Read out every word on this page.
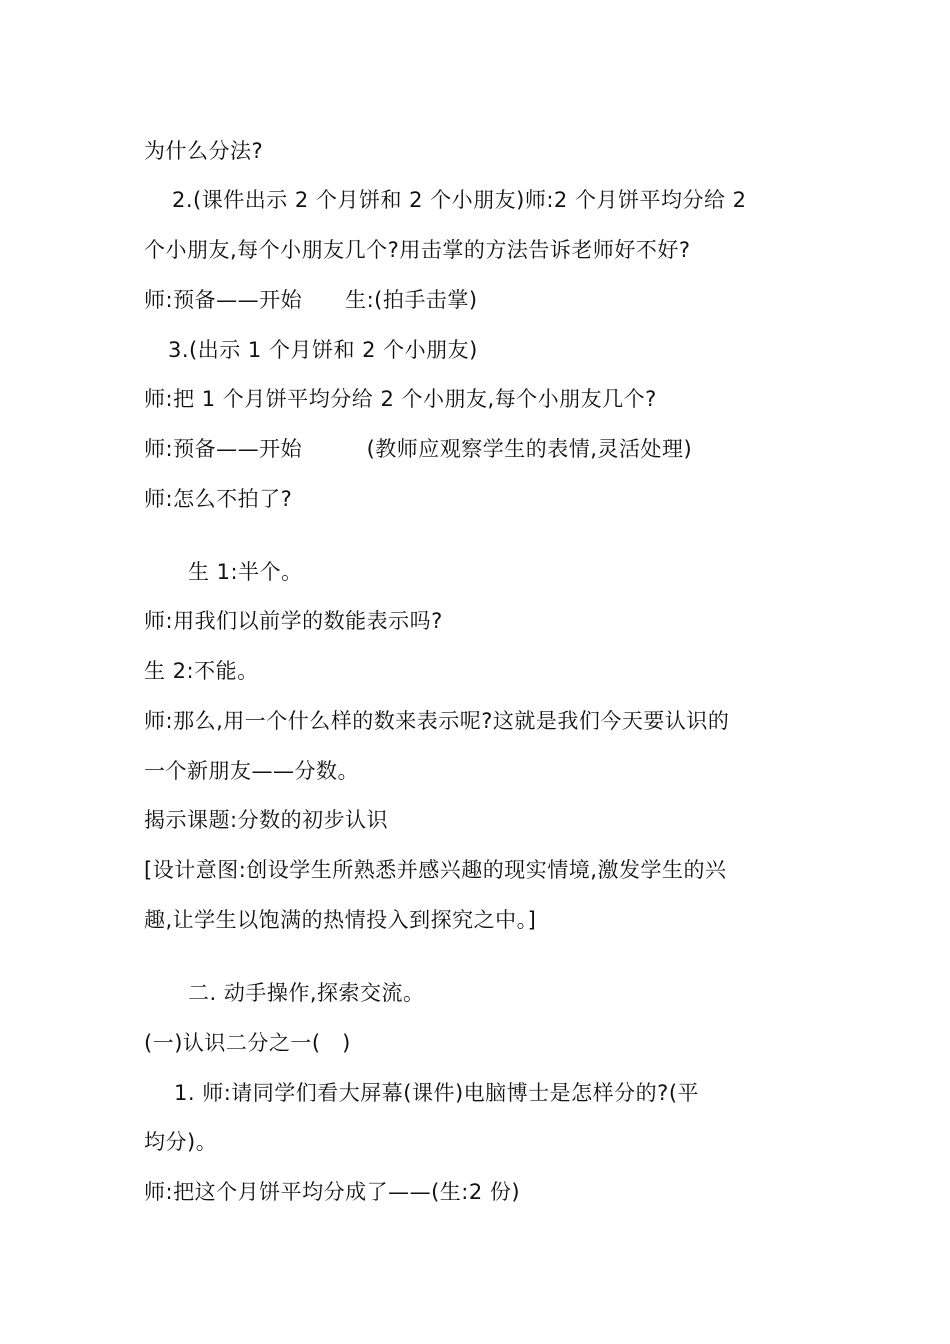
为什么分法?
2.(课件出示 2 个月饼和 2 个小朋友)师:2 个月饼平均分给 2
个小朋友,每个小朋友几个?用击掌的方法告诉老师好不好?
师:预备——开始　　生:(拍手击掌)
3.(出示 1 个月饼和 2 个小朋友)
师:把 1 个月饼平均分给 2 个小朋友,每个小朋友几个?
师:预备——开始　　　(教师应观察学生的表情,灵活处理)
师:怎么不拍了?
生 1:半个。
师:用我们以前学的数能表示吗?
生 2:不能。
师:那么,用一个什么样的数来表示呢?这就是我们今天要认识的
一个新朋友——分数。
揭示课题:分数的初步认识
[设计意图:创设学生所熟悉并感兴趣的现实情境,激发学生的兴
趣,让学生以饱满的热情投入到探究之中。]
二. 动手操作,探索交流。
(一)认识二分之一(　)
1. 师:请同学们看大屏幕(课件)电脑博士是怎样分的?(平
均分)。
师:把这个月饼平均分成了——(生:2 份)
